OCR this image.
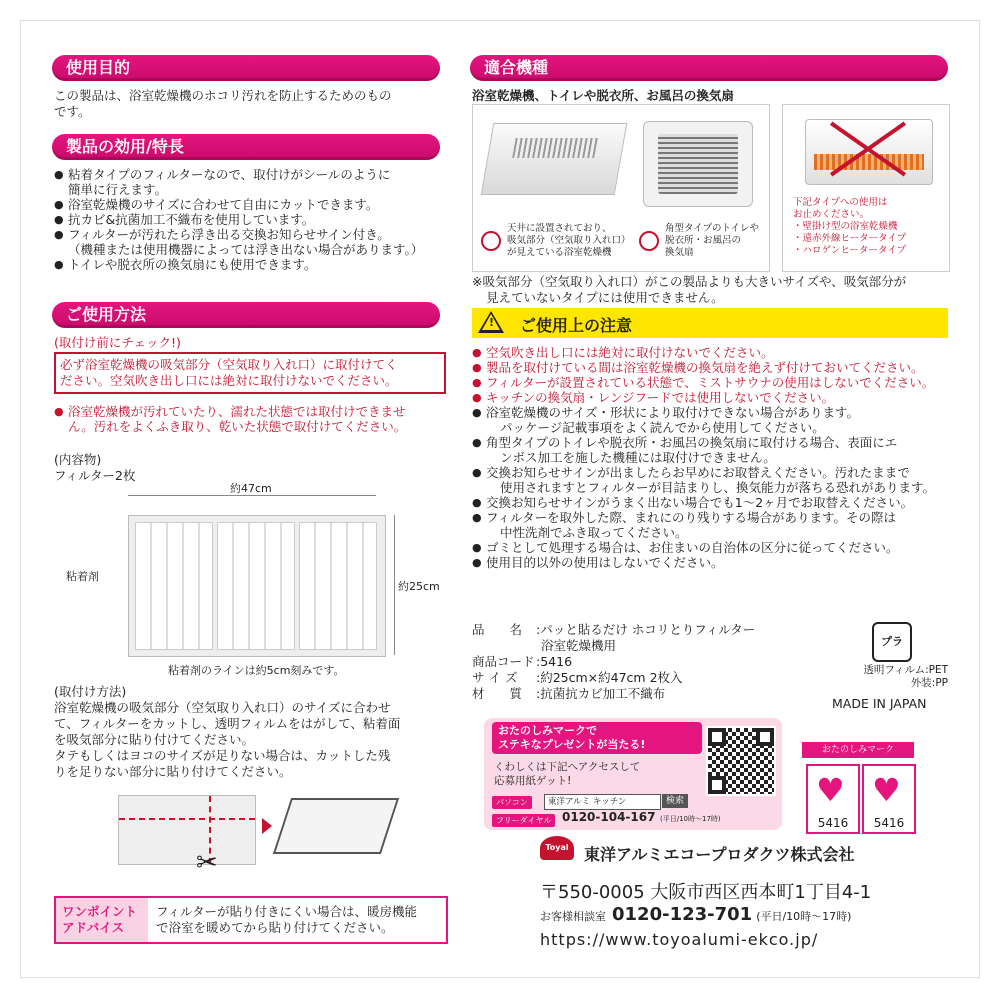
使用目的

この製品は、浴室乾燥機のホコリ汚れを防止するためのもの

です。

製品の効用/特長
● 粘着タイプのフィルターなので、取付けがシールのように
簡単に行えます。
● 浴室乾燥機のサイズに合わせて自由にカットできます。
● 抗カビ&抗菌加工不織布を使用しています。
● フィルターが汚れたら浮き出る交換お知らせサイン付き。
（機種または使用機器によっては浮き出ない場合があります。）
● トイレや脱衣所の換気扇にも使用できます。
ご使用方法
(取付け前にチェック!)

必ず浴室乾燥機の吸気部分（空気取り入れ口）に取付けてく

ださい。空気吹き出し口には絶対に取付けないでください。

● 浴室乾燥機が汚れていたり、濡れた状態では取付けできませ
ん。汚れをよくふき取り、乾いた状態で取付けてください。
(内容物)
フィルター2枚
約47cm
約25cm
粘着剤
粘着剤のラインは約5cm刻みです。
(取付け方法)

浴室乾燥機の吸気部分（空気取り入れ口）のサイズに合わせ

て、フィルターをカットし、透明フィルムをはがして、粘着面

を吸気部分に貼り付けてください。

タテもしくはヨコのサイズが足りない場合は、カットした残

りを足りない部分に貼り付けてください。

✂
ワンポイント
アドバイス
フィルターが貼り付きにくい場合は、暖房機能
で浴室を暖めてから貼り付けてください。
適合機種
浴室乾燥機、トイレや脱衣所、お風呂の換気扇
天井に設置されており、
吸気部分（空気取り入れ口）
が見えている浴室乾燥機
角型タイプのトイレや
脱衣所・お風呂の
換気扇
下記タイプへの使用は
お止めください。
・壁掛け型の浴室乾燥機
・遠赤外線ヒータータイプ
・ハロゲンヒータータイプ

※吸気部分（空気取り入れ口）がこの製品よりも大きいサイズや、吸気部分が

見えていないタイプには使用できません。

! ご使用上の注意
● 空気吹き出し口には絶対に取付けないでください。
● 製品を取付けている間は浴室乾燥機の換気扇を絶えず付けておいてください。
● フィルターが設置されている状態で、ミストサウナの使用はしないでください。
● キッチンの換気扇・レンジフードでは使用しないでください。
● 浴室乾燥機のサイズ・形状により取付けできない場合があります。
パッケージ記載事項をよく読んでから使用してください。
● 角型タイプのトイレや脱衣所・お風呂の換気扇に取付ける場合、表面にエ
ンボス加工を施した機種には取付けできません。
● 交換お知らせサインが出ましたらお早めにお取替えください。汚れたままで
使用されますとフィルターが目詰まりし、換気能力が落ちる恐れがあります。
● 交換お知らせサインがうまく出ない場合でも1〜2ヶ月でお取替えください。
● フィルターを取外した際、まれにのり残りする場合があります。その際は
中性洗剤でふき取ってください。
● ゴミとして処理する場合は、お住まいの自治体の区分に従ってください。
● 使用目的以外の使用はしないでください。
品　　名	: パッと貼るだけ ホコリとりフィルター
浴室乾燥機用
商品コード : 5416
サ イ ズ	: 約25cm×約47cm 2枚入
材　　質	: 抗菌抗カビ加工不織布
プラ
透明フィルム:PET
外装:PP
MADE IN JAPAN
おたのしみマークで
ステキなプレゼントが当たる!
くわしくは下記へアクセスして
応募用紙ゲット!
パソコン	東洋アルミ キッチン	検索
フリーダイヤル 0120-104-167 (平日/10時〜17時)
おたのしみマーク
♥
5416
♥
5416
Toyal 東洋アルミエコープロダクツ株式会社
〒550-0005 大阪市西区西本町1丁目4-1
お客様相談室 0120-123-701 (平日/10時〜17時)
https://www.toyoalumi-ekco.jp/
